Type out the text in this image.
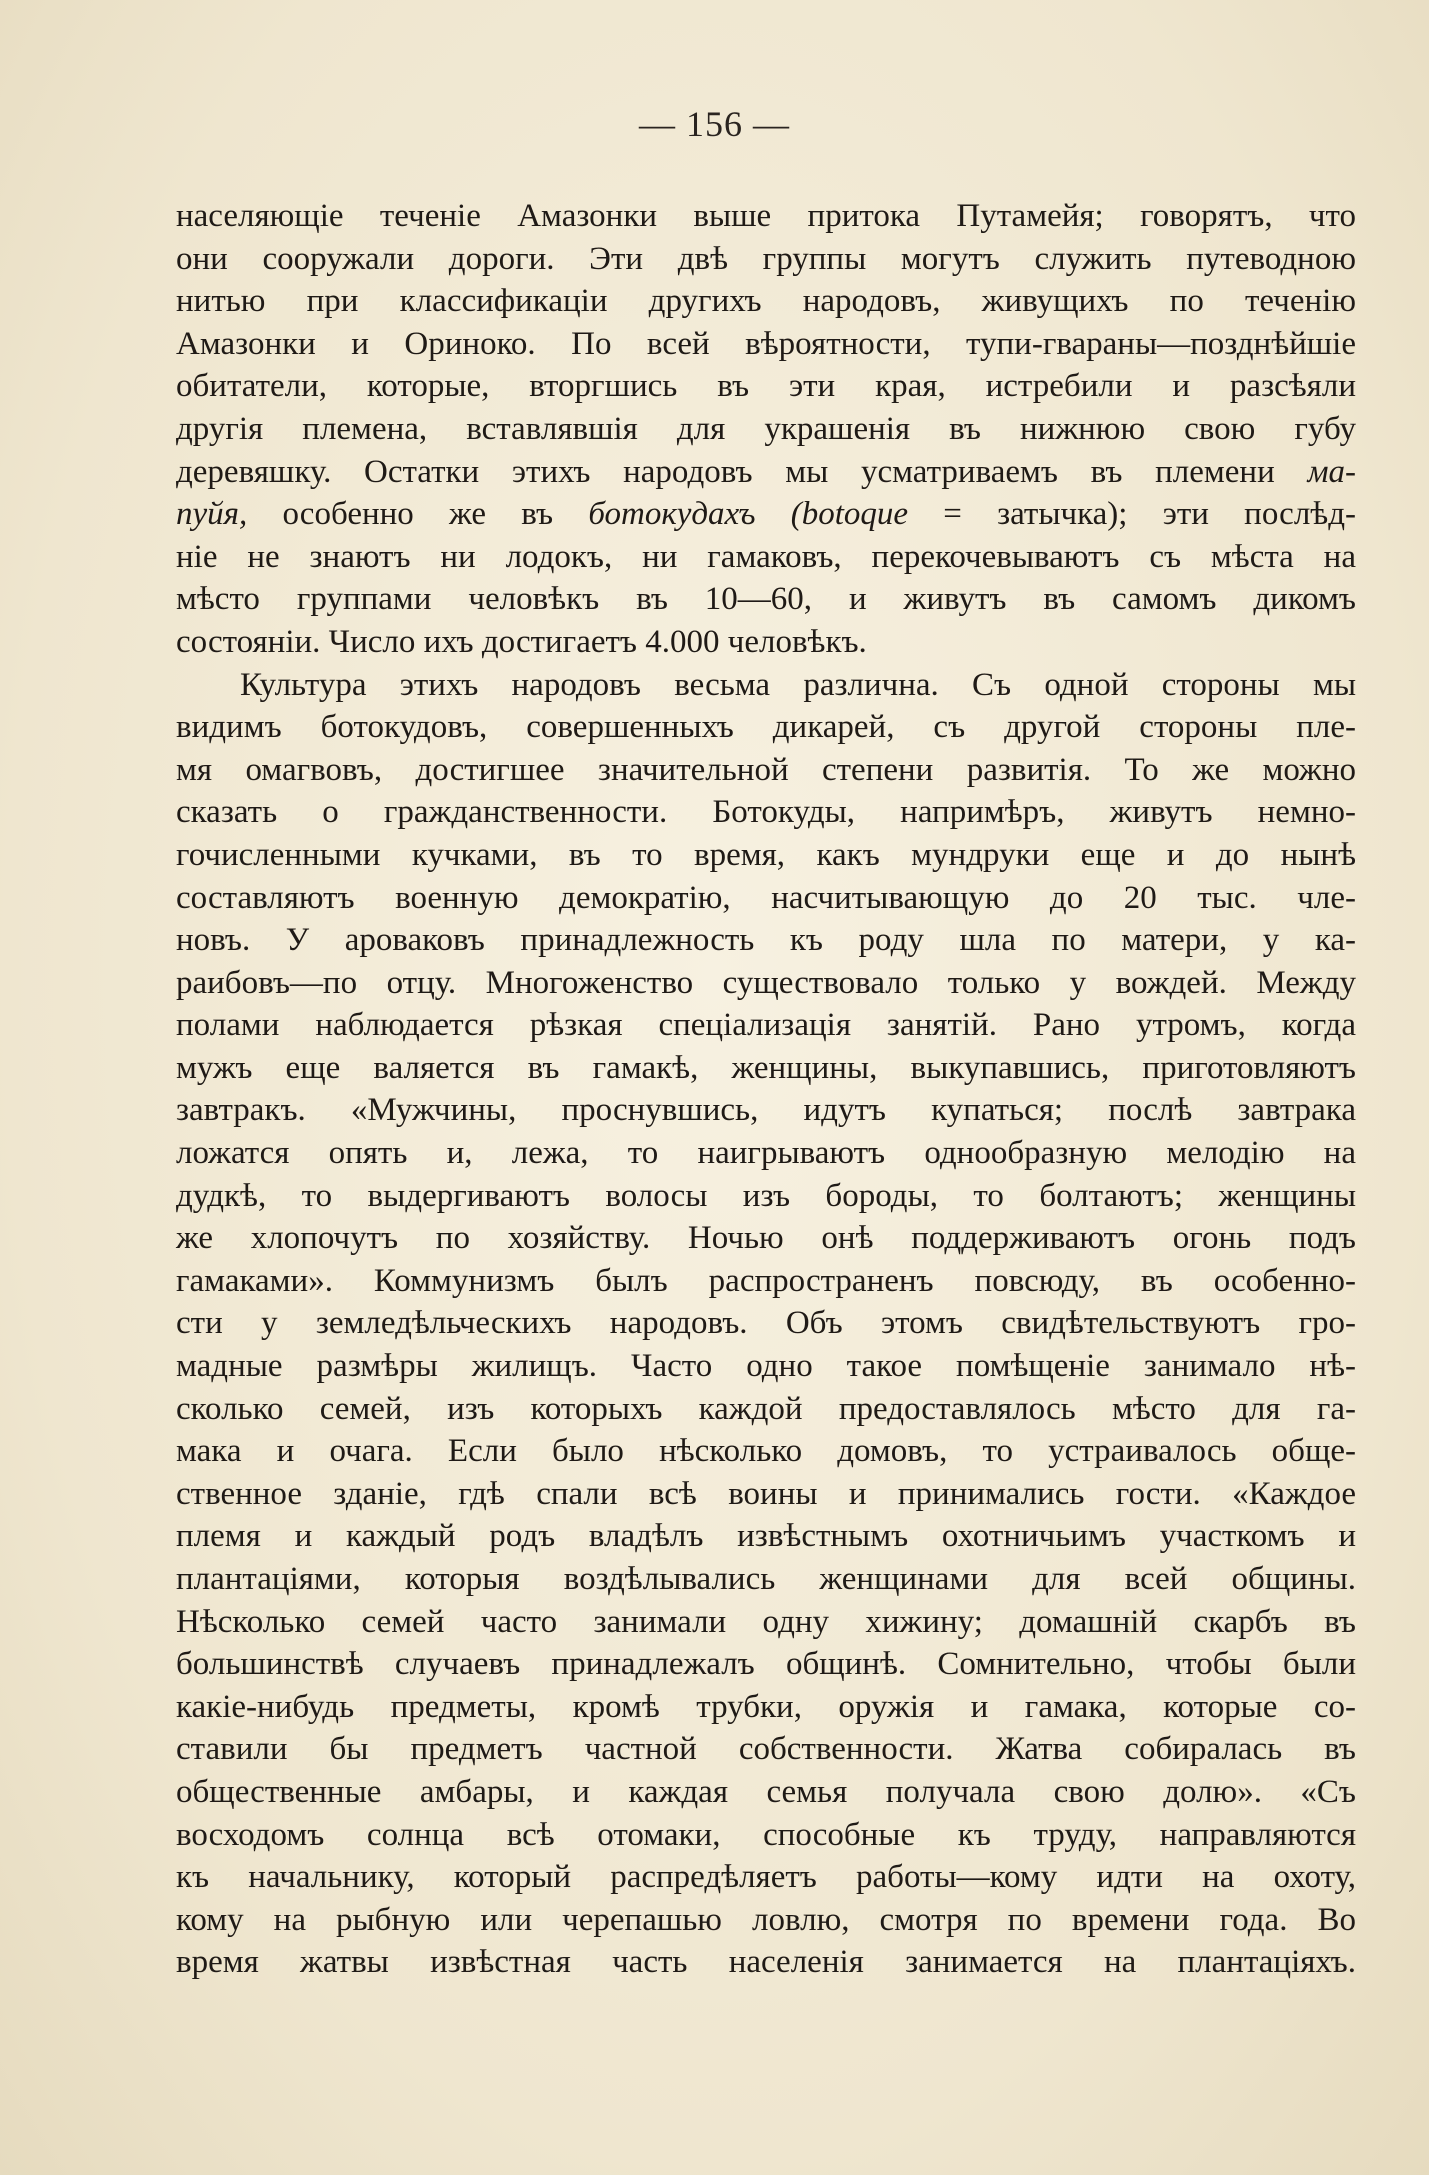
— 156 —
населяющіе теченіе Амазонки выше притока Путамейя; говорятъ, что
они сооружали дороги. Эти двѣ группы могутъ служить путеводною
нитью при классификаціи другихъ народовъ, живущихъ по теченію
Амазонки и Ориноко. По всей вѣроятности, тупи-гвараны—позднѣйшіе
обитатели, которые, вторгшись въ эти края, истребили и разсѣяли
другія племена, вставлявшія для украшенія въ нижнюю свою губу
деревяшку. Остатки этихъ народовъ мы усматриваемъ въ племени ма-
пуйя, особенно же въ ботокудахъ (botoque = затычка); эти послѣд-
ніе не знаютъ ни лодокъ, ни гамаковъ, перекочевываютъ съ мѣста на
мѣсто группами человѣкъ въ 10—60, и живутъ въ самомъ дикомъ
состояніи. Число ихъ достигаетъ 4.000 человѣкъ.
Культура этихъ народовъ весьма различна. Съ одной стороны мы
видимъ ботокудовъ, совершенныхъ дикарей, съ другой стороны пле-
мя омагвовъ, достигшее значительной степени развитія. То же можно
сказать о гражданственности. Ботокуды, напримѣръ, живутъ немно-
гочисленными кучками, въ то время, какъ мундруки еще и до нынѣ
составляютъ военную демократію, насчитывающую до 20 тыс. чле-
новъ. У ароваковъ принадлежность къ роду шла по матери, у ка-
раибовъ—по отцу. Многоженство существовало только у вождей. Между
полами наблюдается рѣзкая спеціализація занятій. Рано утромъ, когда
мужъ еще валяется въ гамакѣ, женщины, выкупавшись, приготовляютъ
завтракъ. «Мужчины, проснувшись, идутъ купаться; послѣ завтрака
ложатся опять и, лежа, то наигрываютъ однообразную мелодію на
дудкѣ, то выдергиваютъ волосы изъ бороды, то болтаютъ; женщины
же хлопочутъ по хозяйству. Ночью онѣ поддерживаютъ огонь подъ
гамаками». Коммунизмъ былъ распространенъ повсюду, въ особенно-
сти у земледѣльческихъ народовъ. Объ этомъ свидѣтельствуютъ гро-
мадные размѣры жилищъ. Часто одно такое помѣщеніе занимало нѣ-
сколько семей, изъ которыхъ каждой предоставлялось мѣсто для га-
мака и очага. Если было нѣсколько домовъ, то устраивалось обще-
ственное зданіе, гдѣ спали всѣ воины и принимались гости. «Каждое
племя и каждый родъ владѣлъ извѣстнымъ охотничьимъ участкомъ и
плантаціями, которыя воздѣлывались женщинами для всей общины.
Нѣсколько семей часто занимали одну хижину; домашній скарбъ въ
большинствѣ случаевъ принадлежалъ общинѣ. Сомнительно, чтобы были
какіе-нибудь предметы, кромѣ трубки, оружія и гамака, которые со-
ставили бы предметъ частной собственности. Жатва собиралась въ
общественные амбары, и каждая семья получала свою долю». «Съ
восходомъ солнца всѣ отомаки, способные къ труду, направляются
къ начальнику, который распредѣляетъ работы—кому идти на охоту,
кому на рыбную или черепашью ловлю, смотря по времени года. Во
время жатвы извѣстная часть населенія занимается на плантаціяхъ.
